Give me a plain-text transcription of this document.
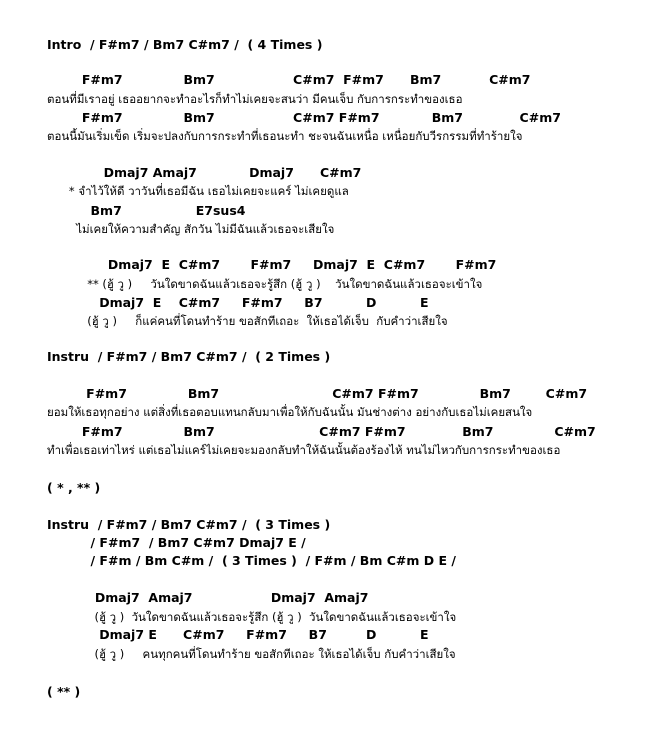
Intro  / F#m7 / Bm7 C#m7 /  ( 4 Times )
F#m7              Bm7                  C#m7  F#m7      Bm7           C#m7
ตอนที่มีเราอยู่ เธออยากจะทำอะไรก็ทำไม่เคยจะสนว่า มีคนเจ็บ กับการกระทำของเธอ
F#m7              Bm7                  C#m7 F#m7            Bm7             C#m7
ตอนนี้มันเริ่มเข็ด เริ่มจะปลงกับการกระทำที่เธอนะทำ ชะจนฉันเหนื่อ เหนื่อยกับวีรกรรมที่ทำร้ายใจ
Dmaj7 Amaj7            Dmaj7      C#m7
* จำไว้ให้ดี วาวันที่เธอมีฉัน เธอไม่เคยจะแคร์ ไม่เคยดูแล
Bm7                 E7sus4
ไม่เคยให้ความสำคัญ สักวัน ไม่มีฉันแล้วเธอจะเสียใจ
Dmaj7  E  C#m7       F#m7     Dmaj7  E  C#m7       F#m7
** (ฮู้ วู )     วันใดขาดฉันแล้วเธอจะรู้สึก (ฮู้ วู )    วันใดขาดฉันแล้วเธอจะเข้าใจ
Dmaj7  E    C#m7     F#m7     B7          D          E
(ฮู้ วู )     ก็แค่คนที่โดนทำร้าย ขอสักทีเถอะ  ให้เธอได้เจ็บ  กับคำว่าเสียใจ
Instru  / F#m7 / Bm7 C#m7 /  ( 2 Times )
F#m7              Bm7                          C#m7 F#m7              Bm7        C#m7
ยอมให้เธอทุกอย่าง แต่สิ่งที่เธอตอบแทนกลับมาเพื่อให้กับฉันนั้น มันช่างต่าง อย่างกับเธอไม่เคยสนใจ
F#m7              Bm7                        C#m7 F#m7             Bm7              C#m7
ทำเพื่อเธอเท่าไหร่ แต่เธอไม่แคร์ไม่เคยจะมองกลับทำให้ฉันนั้นต้องร้องไห้ ทนไม่ไหวกับการกระทำของเธอ
( * , ** )
Instru  / F#m7 / Bm7 C#m7 /  ( 3 Times )
/ F#m7  / Bm7 C#m7 Dmaj7 E /
/ F#m / Bm C#m /  ( 3 Times )  / F#m / Bm C#m D E /
Dmaj7  Amaj7                  Dmaj7  Amaj7
(ฮู้ วู )  วันใดขาดฉันแล้วเธอจะรู้สึก (ฮู้ วู )  วันใดขาดฉันแล้วเธอจะเข้าใจ
Dmaj7 E      C#m7     F#m7     B7         D          E
(ฮู้ วู )     คนทุกคนที่โดนทำร้าย ขอสักทีเถอะ ให้เธอได้เจ็บ กับคำว่าเสียใจ
( ** )
